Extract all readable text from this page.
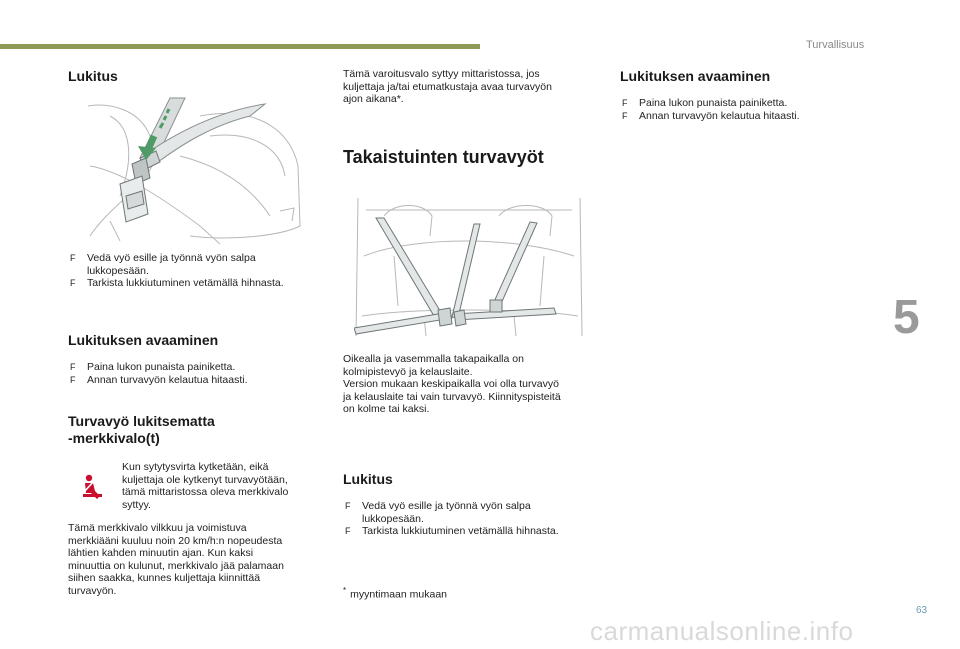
Turvallisuus
5
63
Lukitus
F Vedä vyö esille ja työnnä vyön salpa
lukkopesään.
F Tarkista lukkiutuminen vetämällä hihnasta.
Lukituksen avaaminen
F Paina lukon punaista painiketta.
F Annan turvavyön kelautua hitaasti.
Turvavyö lukitsematta
-merkkivalo(t)
Kun sytytysvirta kytketään, eikä
kuljettaja ole kytkenyt turvavyötään,
tämä mittaristossa oleva merkkivalo
syttyy.
Tämä merkkivalo vilkkuu ja voimistuva
merkkiääni kuuluu noin 20 km/h:n nopeudesta
lähtien kahden minuutin ajan. Kun kaksi
minuuttia on kulunut, merkkivalo jää palamaan
siihen saakka, kunnes kuljettaja kiinnittää
turvavyön.
Tämä varoitusvalo syttyy mittaristossa, jos
kuljettaja ja/tai etumatkustaja avaa turvavyön
ajon aikana*.
Takaistuinten turvavyöt
Oikealla ja vasemmalla takapaikalla on
kolmipistevyö ja kelauslaite.
Version mukaan keskipaikalla voi olla turvavyö
ja kelauslaite tai vain turvavyö. Kiinnityspisteitä
on kolme tai kaksi.
Lukitus
F Vedä vyö esille ja työnnä vyön salpa
lukkopesään.
F Tarkista lukkiutuminen vetämällä hihnasta.
* myyntimaan mukaan
Lukituksen avaaminen
F Paina lukon punaista painiketta.
F Annan turvavyön kelautua hitaasti.
carmanualsonline.info
